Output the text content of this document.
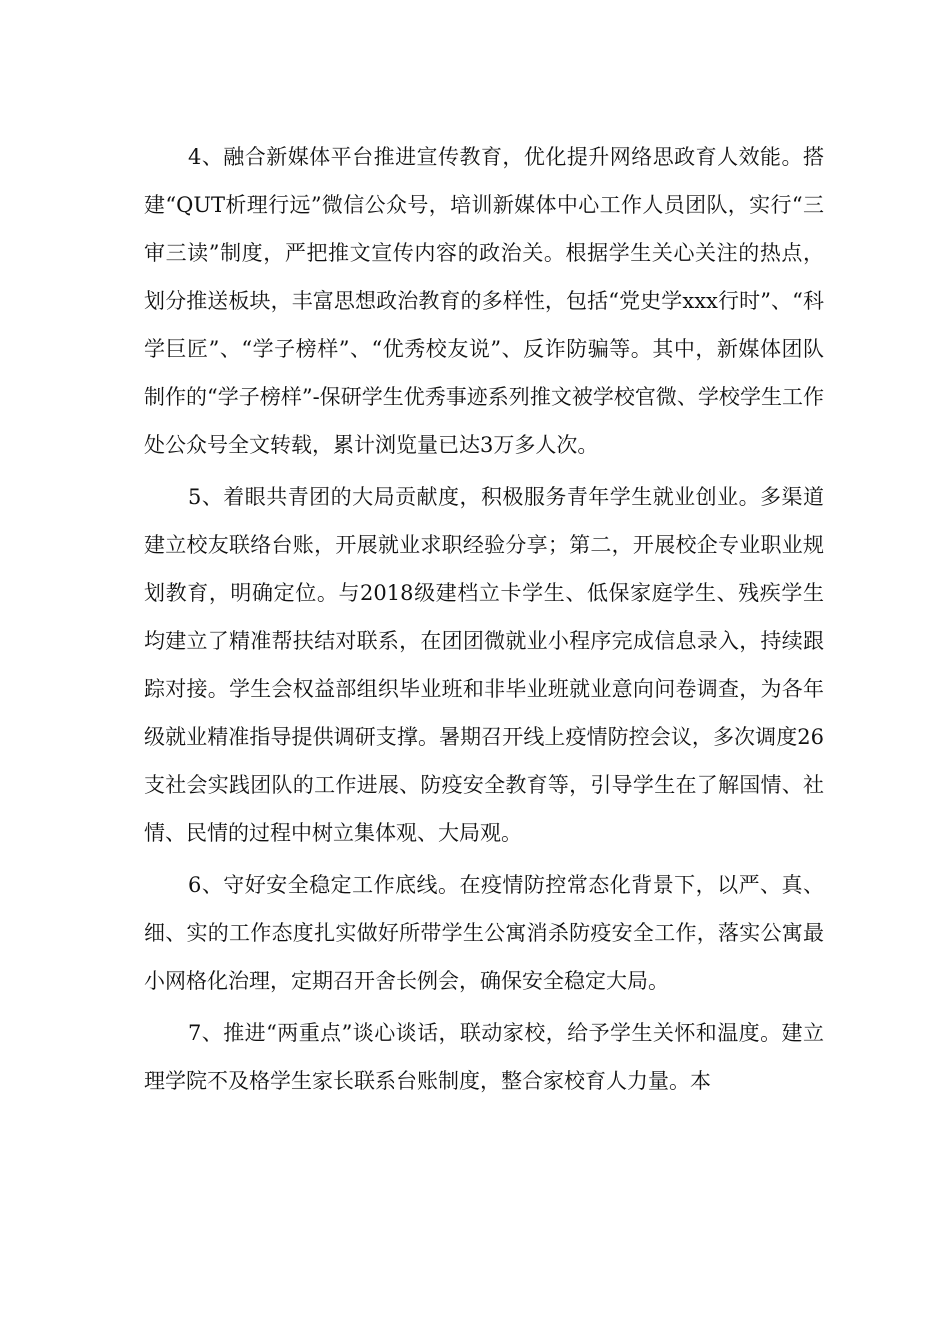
4、融合新媒体平台推进宣传教育，优化提升网络思政育人效能。搭建“QUT析理行远”微信公众号，培训新媒体中心工作人员团队，实行“三审三读”制度，严把推文宣传内容的政治关。根据学生关心关注的热点，划分推送板块，丰富思想政治教育的多样性，包括“党史学xxx行时”、“科学巨匠”、“学子榜样”、“优秀校友说”、反诈防骗等。其中，新媒体团队制作的“学子榜样”-保研学生优秀事迹系列推文被学校官微、学校学生工作处公众号全文转载，累计浏览量已达3万多人次。

5、着眼共青团的大局贡献度，积极服务青年学生就业创业。多渠道建立校友联络台账，开展就业求职经验分享；第二，开展校企专业职业规划教育，明确定位。与2018级建档立卡学生、低保家庭学生、残疾学生均建立了精准帮扶结对联系，在团团微就业小程序完成信息录入，持续跟踪对接。学生会权益部组织毕业班和非毕业班就业意向问卷调查，为各年级就业精准指导提供调研支撑。暑期召开线上疫情防控会议，多次调度26支社会实践团队的工作进展、防疫安全教育等，引导学生在了解国情、社情、民情的过程中树立集体观、大局观。

6、守好安全稳定工作底线。在疫情防控常态化背景下，以严、真、细、实的工作态度扎实做好所带学生公寓消杀防疫安全工作，落实公寓最小网格化治理，定期召开舍长例会，确保安全稳定大局。

7、推进“两重点”谈心谈话，联动家校，给予学生关怀和温度。建立理学院不及格学生家长联系台账制度，整合家校育人力量。本
